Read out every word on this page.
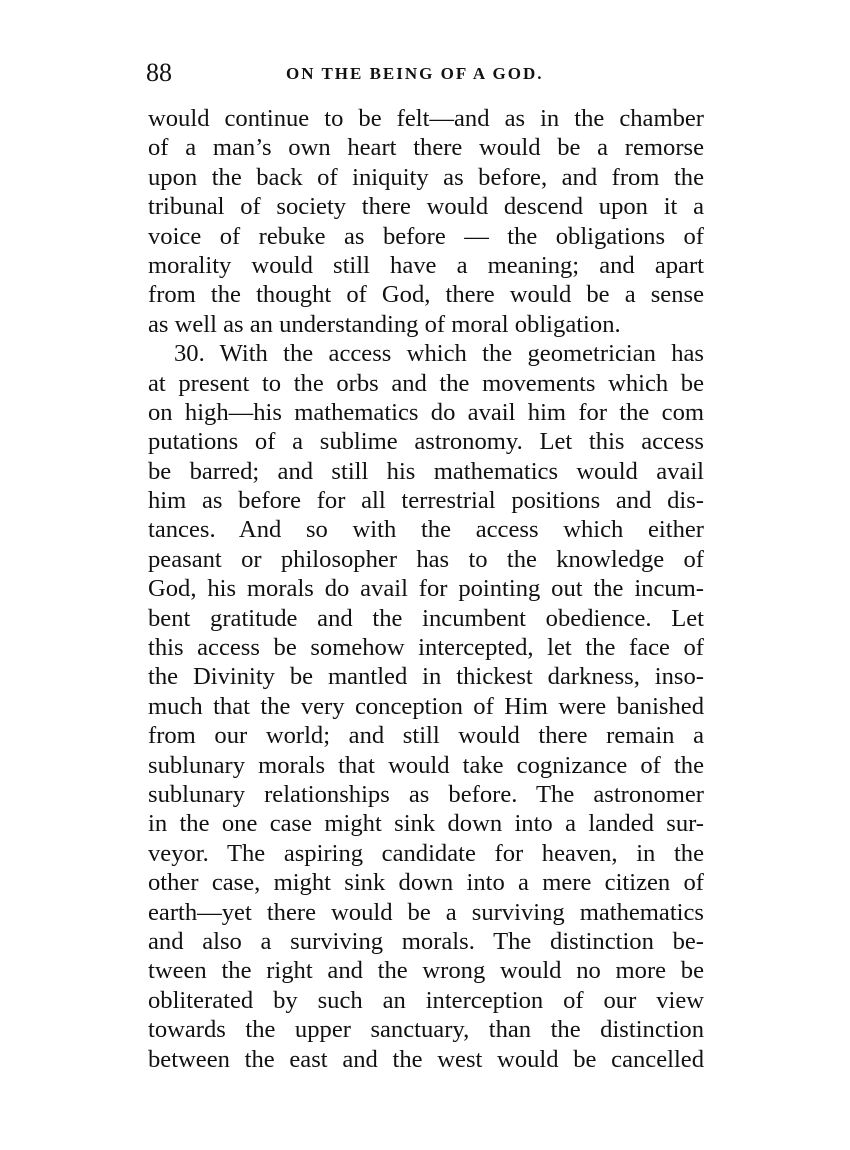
88	ON THE BEING OF A GOD.
would continue to be felt—and as in the chamber
of a man’s own heart there would be a remorse
upon the back of iniquity as before, and from the
tribunal of society there would descend upon it a
voice of rebuke as before — the obligations of
morality would still have a meaning; and apart
from the thought of God, there would be a sense
as well as an understanding of moral obligation.
30. With the access which the geometrician has
at present to the orbs and the movements which be
on high—his mathematics do avail him for the com
putations of a sublime astronomy. Let this access
be barred; and still his mathematics would avail
him as before for all terrestrial positions and dis-
tances. And so with the access which either
peasant or philosopher has to the knowledge of
God, his morals do avail for pointing out the incum-
bent gratitude and the incumbent obedience. Let
this access be somehow intercepted, let the face of
the Divinity be mantled in thickest darkness, inso-
much that the very conception of Him were banished
from our world; and still would there remain a
sublunary morals that would take cognizance of the
sublunary relationships as before. The astronomer
in the one case might sink down into a landed sur-
veyor. The aspiring candidate for heaven, in the
other case, might sink down into a mere citizen of
earth—yet there would be a surviving mathematics
and also a surviving morals. The distinction be-
tween the right and the wrong would no more be
obliterated by such an interception of our view
towards the upper sanctuary, than the distinction
between the east and the west would be cancelled
